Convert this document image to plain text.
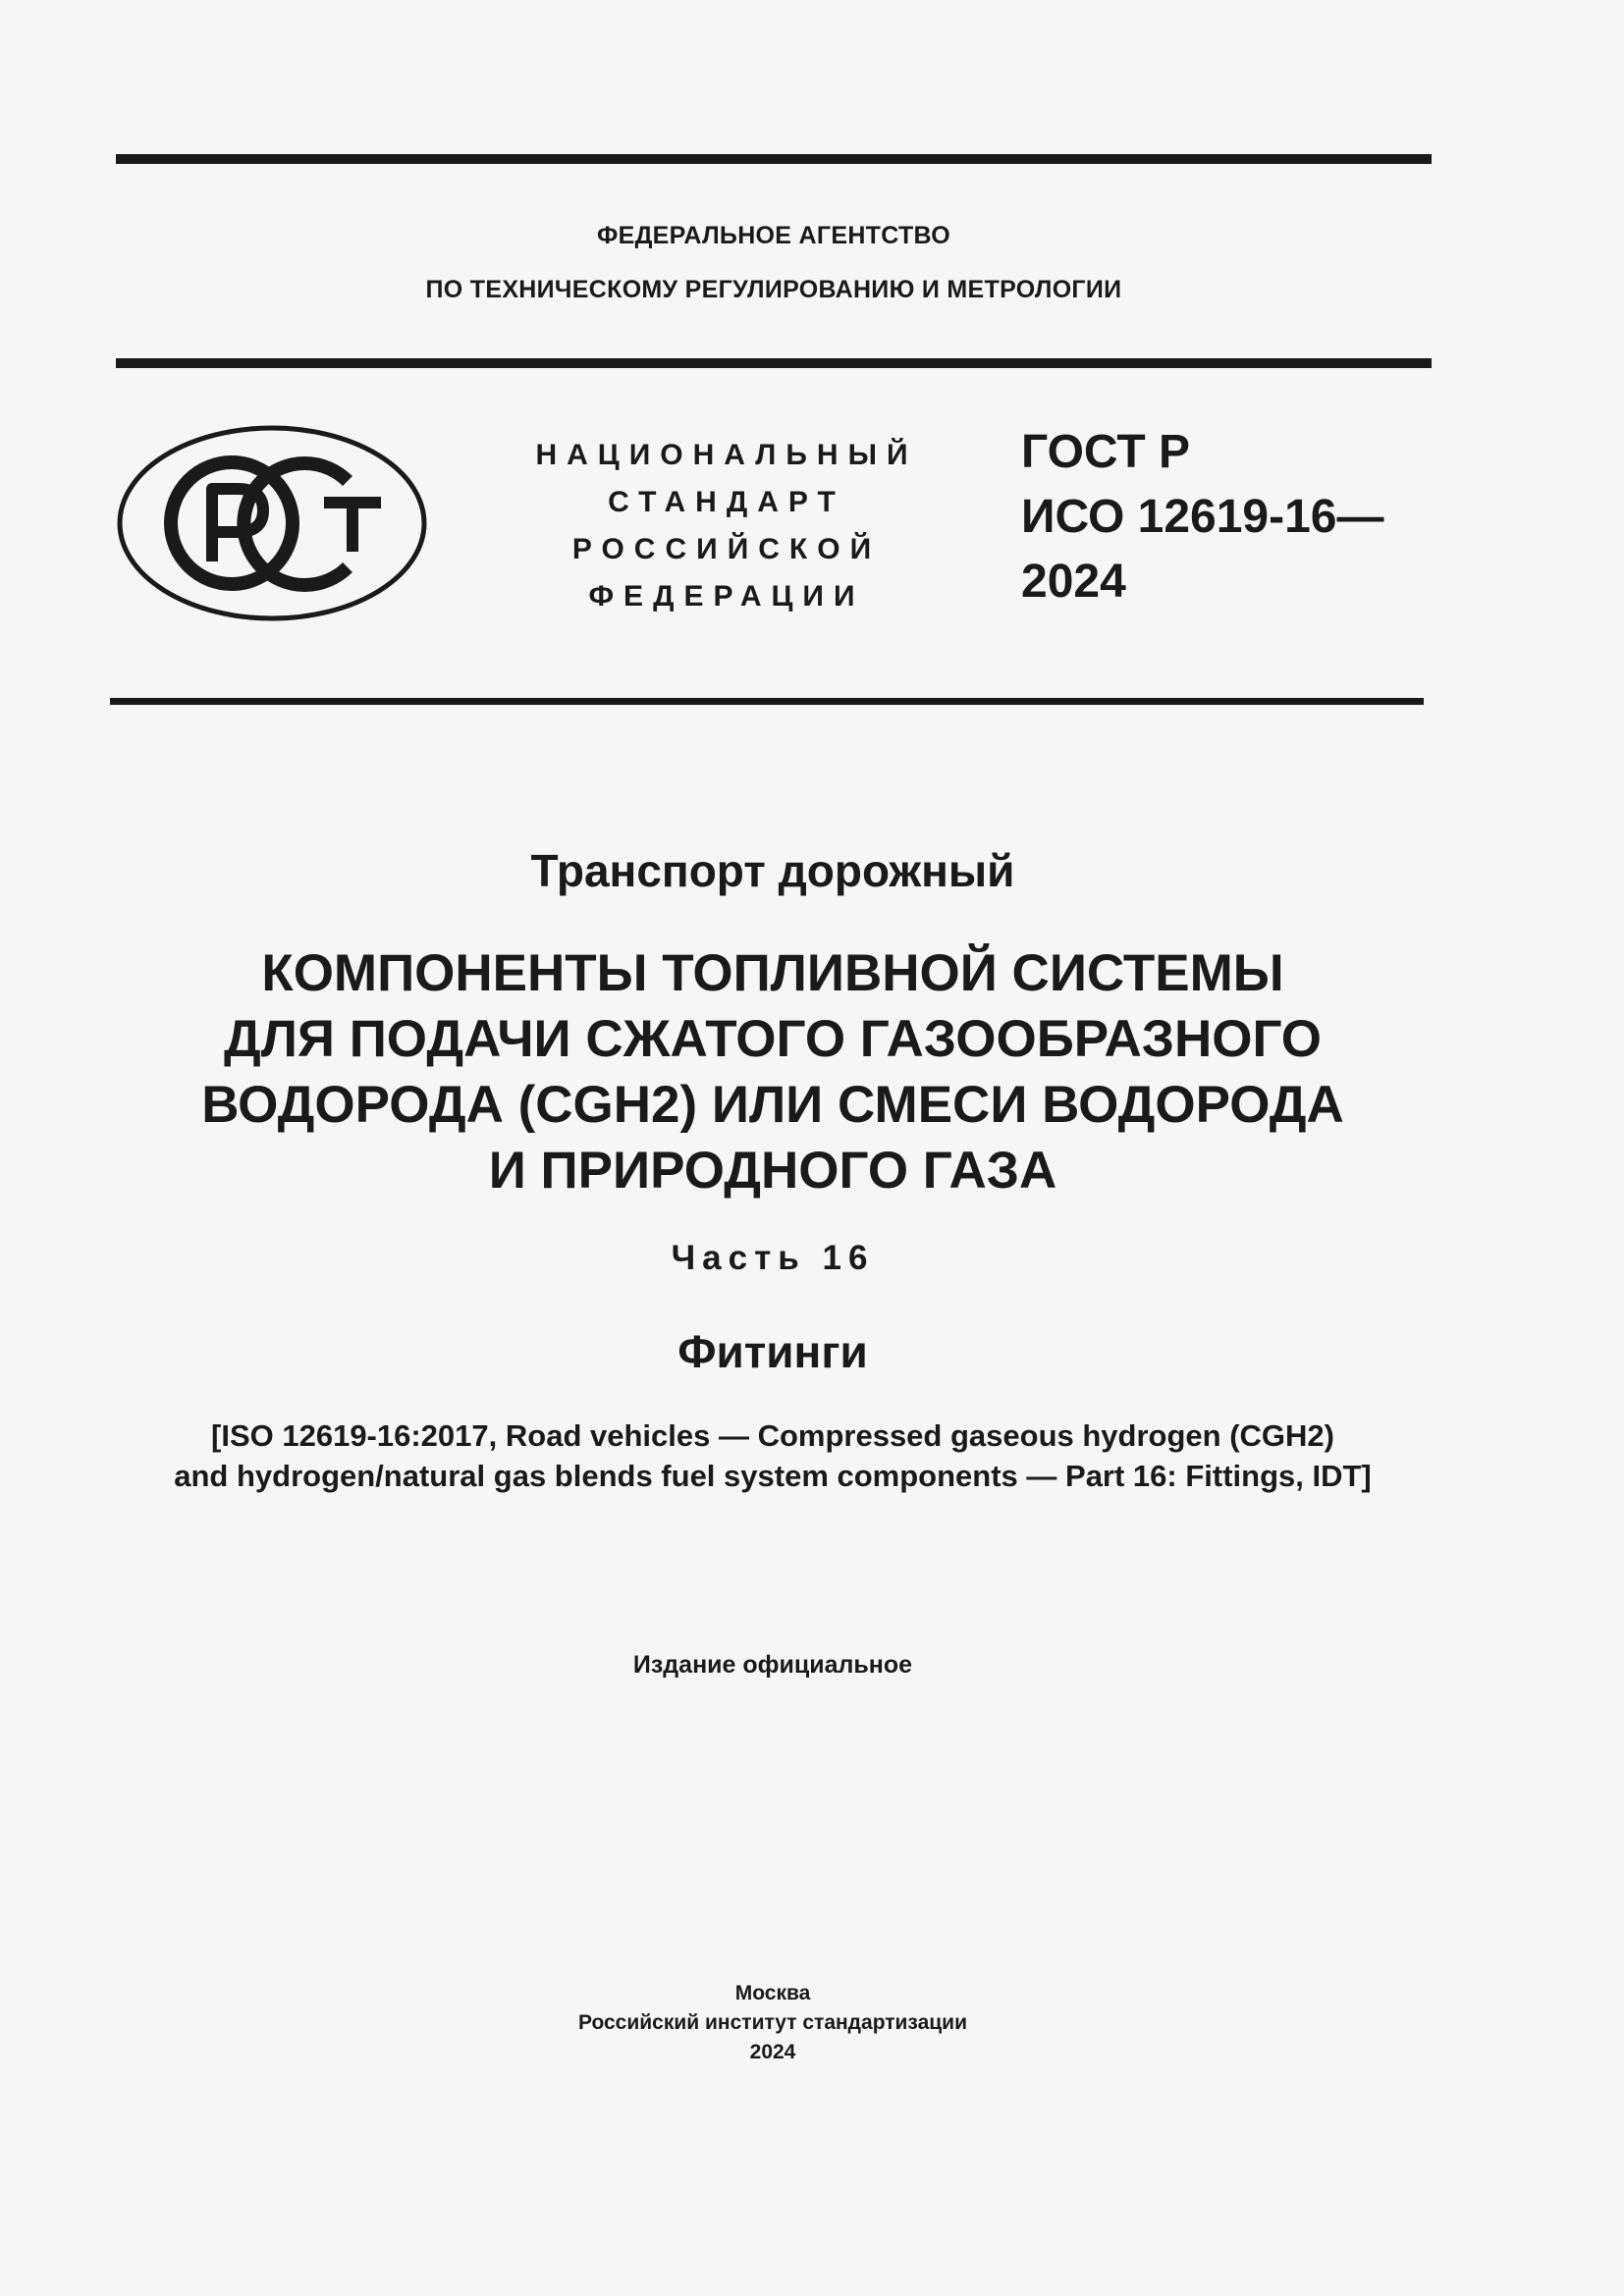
ФЕДЕРАЛЬНОЕ АГЕНТСТВО
ПО ТЕХНИЧЕСКОМУ РЕГУЛИРОВАНИЮ И МЕТРОЛОГИИ
НАЦИОНАЛЬНЫЙ
СТАНДАРТ
РОССИЙСКОЙ
ФЕДЕРАЦИИ
ГОСТ Р
ИСО 12619-16—
2024
Транспорт дорожный
КОМПОНЕНТЫ ТОПЛИВНОЙ СИСТЕМЫ
ДЛЯ ПОДАЧИ СЖАТОГО ГАЗООБРАЗНОГО
ВОДОРОДА (CGH2) ИЛИ СМЕСИ ВОДОРОДА
И ПРИРОДНОГО ГАЗА
Часть 16
Фитинги
[ISO 12619-16:2017, Road vehicles — Compressed gaseous hydrogen (CGH2)
and hydrogen/natural gas blends fuel system components — Part 16: Fittings, IDT]
Издание официальное
Москва
Российский институт стандартизации
2024
